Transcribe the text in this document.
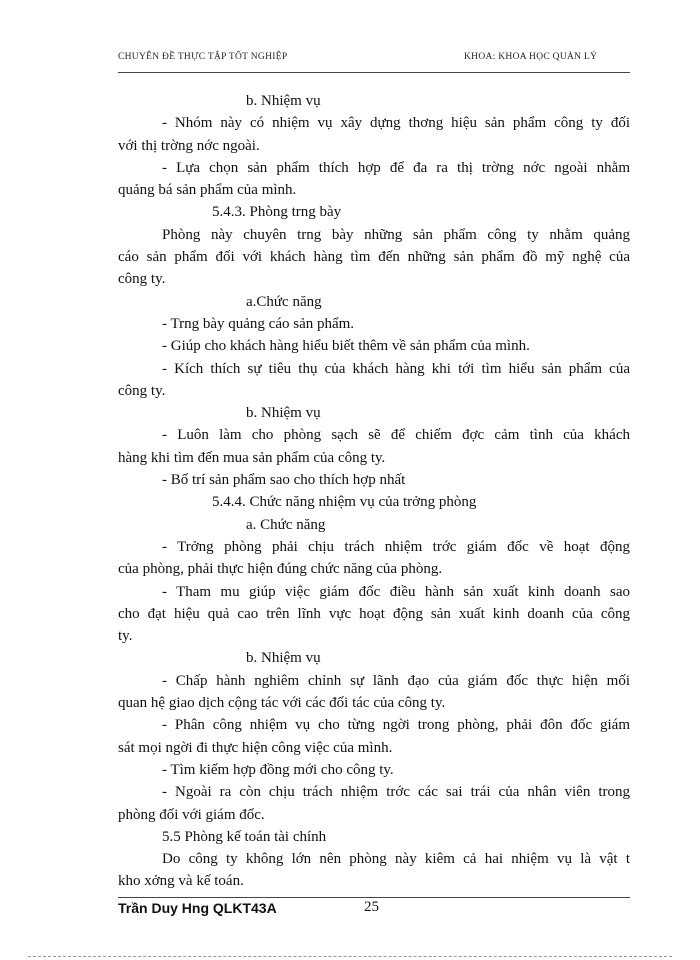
CHUYÊN ĐỀ THỰC TẬP TỐT NGHIỆP	KHOA: KHOA HỌC QUẢN LÝ

b. Nhiệm vụ

- Nhóm này có nhiệm vụ xây dựng thơng hiệu sản phẩm công ty đối

với thị trờng nớc ngoài.

- Lựa chọn sản phẩm thích hợp để đa ra thị trờng nớc ngoài nhằm

quảng bá sản phẩm của mình.

5.4.3. Phòng trng bày

Phòng này chuyên trng bày những sản phẩm công ty nhằm quảng

cáo sản phẩm đối với khách hàng tìm đến những sản phẩm đồ mỹ nghệ của

công ty.

a.Chức năng

- Trng bày quảng cáo sản phẩm.

- Giúp cho khách hàng hiểu biết thêm về sản phẩm của mình.

- Kích thích sự tiêu thụ của khách hàng khi tới tìm hiểu sản phẩm của

công ty.

b. Nhiệm vụ

- Luôn làm cho phòng sạch sẽ để chiếm đợc cảm tình của khách

hàng khi tìm đến mua sản phẩm của công ty.

- Bố trí sản phẩm sao cho thích hợp nhất

5.4.4. Chức năng nhiệm vụ của trởng phòng

a. Chức năng

- Trởng phòng phải chịu trách nhiệm trớc giám đốc về hoạt động

của phòng, phải thực hiện đúng chức năng của phòng.

- Tham mu giúp việc giám đốc điều hành sản xuất kinh doanh sao

cho đạt hiệu quả cao trên lĩnh vực hoạt động sản xuất kinh doanh của công

ty.

b. Nhiệm vụ

- Chấp hành nghiêm chỉnh sự lãnh đạo của giám đốc thực hiện mối

quan hệ giao dịch cộng tác với các đối tác của công ty.

- Phân công nhiệm vụ cho từng ngời trong phòng, phải đôn đốc giám

sát mọi ngời đi thực hiện công việc của mình.

- Tìm kiếm hợp đồng mới cho công ty.

- Ngoài ra còn chịu trách nhiệm trớc các sai trái của nhân viên trong

phòng đối với giám đốc.

5.5 Phòng kế toán tài chính

Do công ty không lớn nên phòng này kiêm cả hai nhiệm vụ là vật t

kho xởng và kế toán.

Trần Duy Hng QLKT43A	25
